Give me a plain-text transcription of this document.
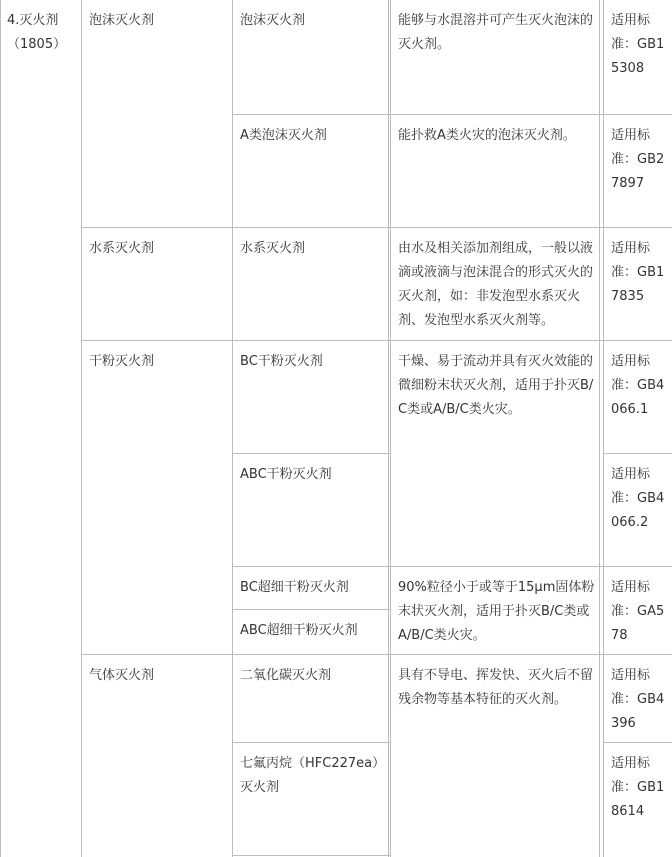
4.灭火剂
（1805）
泡沫灭火剂
水系灭火剂
干粉灭火剂
气体灭火剂
泡沫灭火剂
A类泡沫灭火剂
水系灭火剂
BC干粉灭火剂
ABC干粉灭火剂
BC超细干粉灭火剂
ABC超细干粉灭火剂
二氧化碳灭火剂
七氟丙烷（HFC227ea）灭火剂
能够与水混溶并可产生灭火泡沫的灭火剂。
能扑救A类火灾的泡沫灭火剂。
由水及相关添加剂组成，一般以液滴或液滴与泡沫混合的形式灭火的灭火剂，如：非发泡型水系灭火剂、发泡型水系灭火剂等。
干燥、易于流动并具有灭火效能的微细粉末状灭火剂，适用于扑灭B/C类或A/B/C类火灾。
90%粒径小于或等于15μm固体粉末状灭火剂，适用于扑灭B/C类或A/B/C类火灾。
具有不导电、挥发快、灭火后不留残余物等基本特征的灭火剂。
适用标准：GB15308
适用标准：GB27897
适用标准：GB17835
适用标准：GB4066.1
适用标准：GB4066.2
适用标准：GA578
适用标准：GB4396
适用标准：GB18614
